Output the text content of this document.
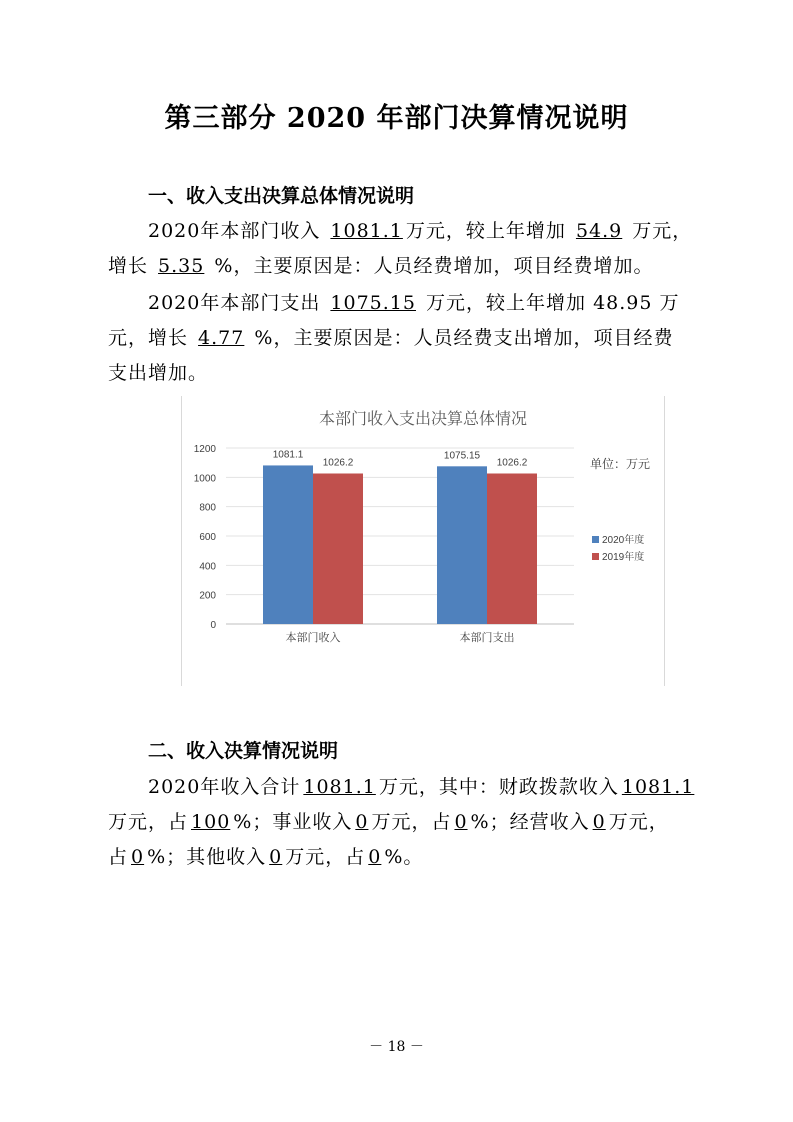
第三部分 2020 年部门决算情况说明
一、收入支出决算总体情况说明
2020年本部门收入 1081.1 万元，较上年增加 54.9 万元，
增长 5.35 %，主要原因是：人员经费增加，项目经费增加。
2020年本部门支出 1075.15 万元，较上年增加 48.95 万
元，增长 4.77 %，主要原因是：人员经费支出增加，项目经费
支出增加。
本部门收入支出决算总体情况
0
200
400
600
800
1000
1200	1081.1
1026.2
本部门收入
1075.15
1026.2
本部门支出
单位：万元
2020年度
2019年度
二、收入决算情况说明
2020年收入合计 1081.1 万元，其中：财政拨款收入 1081.1
万元，占 100 %；事业收入 0 万元，占 0 %；经营收入 0 万元，
占 0 %；其他收入 0 万元，占 0 %。
－ 18 －
